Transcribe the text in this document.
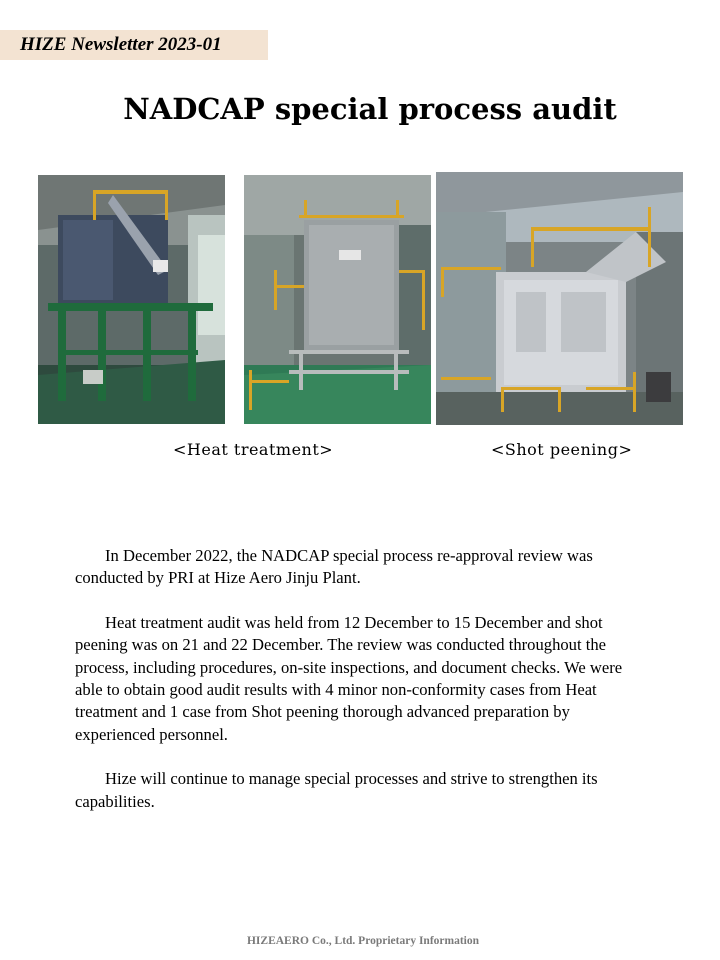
HIZE Newsletter 2023-01
NADCAP special process audit
<Heat treatment>	<Shot peening>

In December 2022, the NADCAP special process re-approval review was conducted by PRI at Hize Aero Jinju Plant.

Heat treatment audit was held from 12 December to 15 December and shot peening was on 21 and 22 December. The review was conducted throughout the process, including procedures, on-site inspections, and document checks. We were able to obtain good audit results with 4 minor non-conformity cases from Heat treatment and 1 case from Shot peening thorough advanced preparation by experienced personnel.

Hize will continue to manage special processes and strive to strengthen its capabilities.

HIZEAERO Co., Ltd. Proprietary Information
